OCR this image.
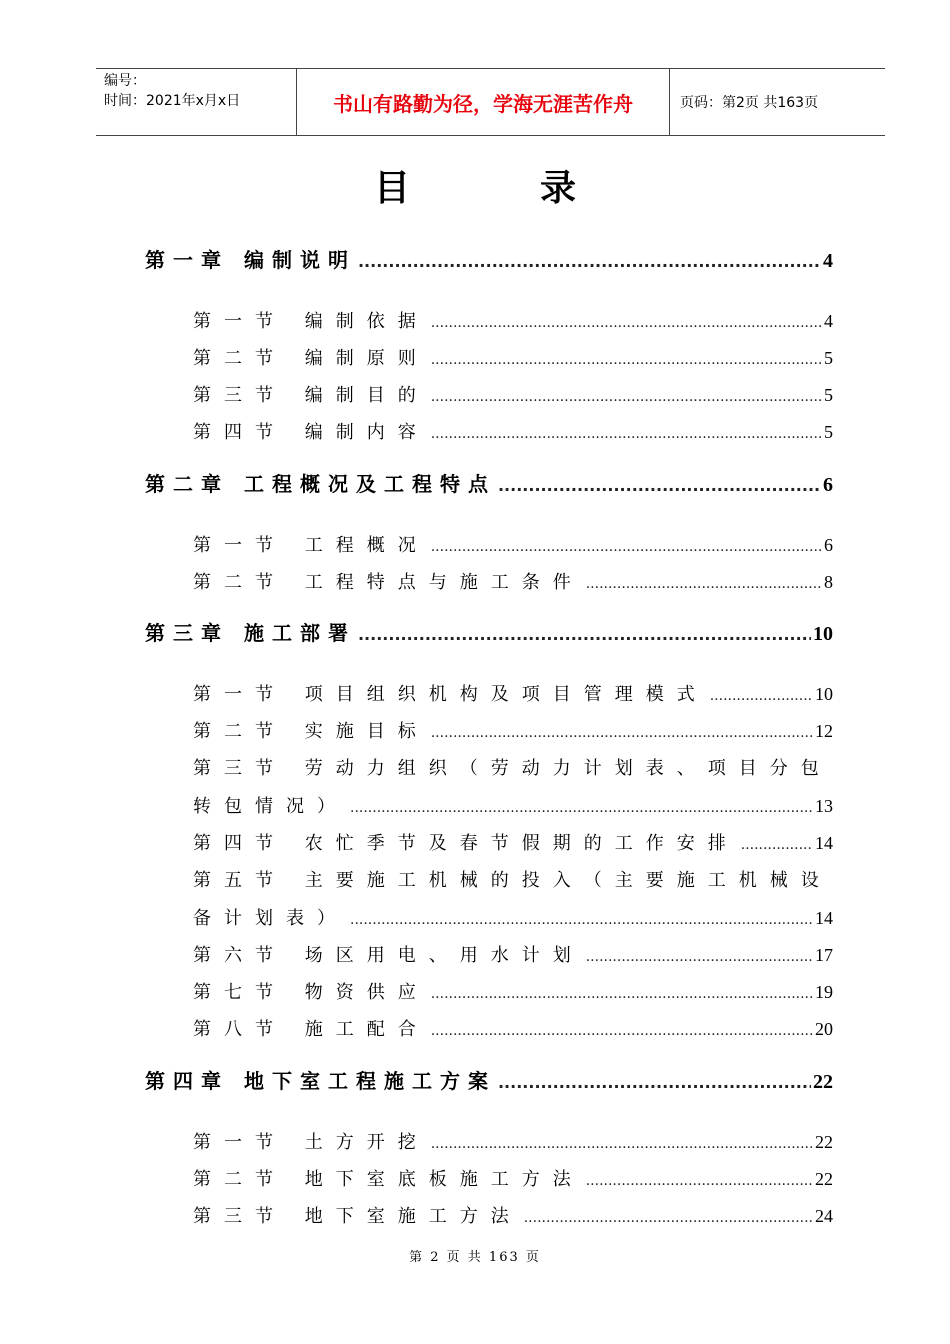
编号：
时间：2021年x月x日	书山有路勤为径，学海无涯苦作舟	页码：第2页 共163页
目录
第一章 编制说明 .....	4
第一节 编制依据 .....	4
第二节 编制原则 .....	5
第三节 编制目的 .....	5
第四节 编制内容 .....	5
第二章 工程概况及工程特点 .....	6
第一节 工程概况 .....	6
第二节 工程特点与施工条件 .....	8
第三章 施工部署 .....	10
第一节 项目组织机构及项目管理模式 .....	10
第二节 实施目标 .....	12
第三节 劳动力组织（劳动力计划表、项目分包
转包情况） .....	13
第四节 农忙季节及春节假期的工作安排 .....	14
第五节 主要施工机械的投入（主要施工机械设
备计划表） .....	14
第六节 场区用电、用水计划 .....	17
第七节 物资供应 .....	19
第八节 施工配合 .....	20
第四章 地下室工程施工方案 .....	22
第一节 土方开挖 .....	22
第二节 地下室底板施工方法 .....	22
第三节 地下室施工方法 .....	24
第 2 页 共 163 页
